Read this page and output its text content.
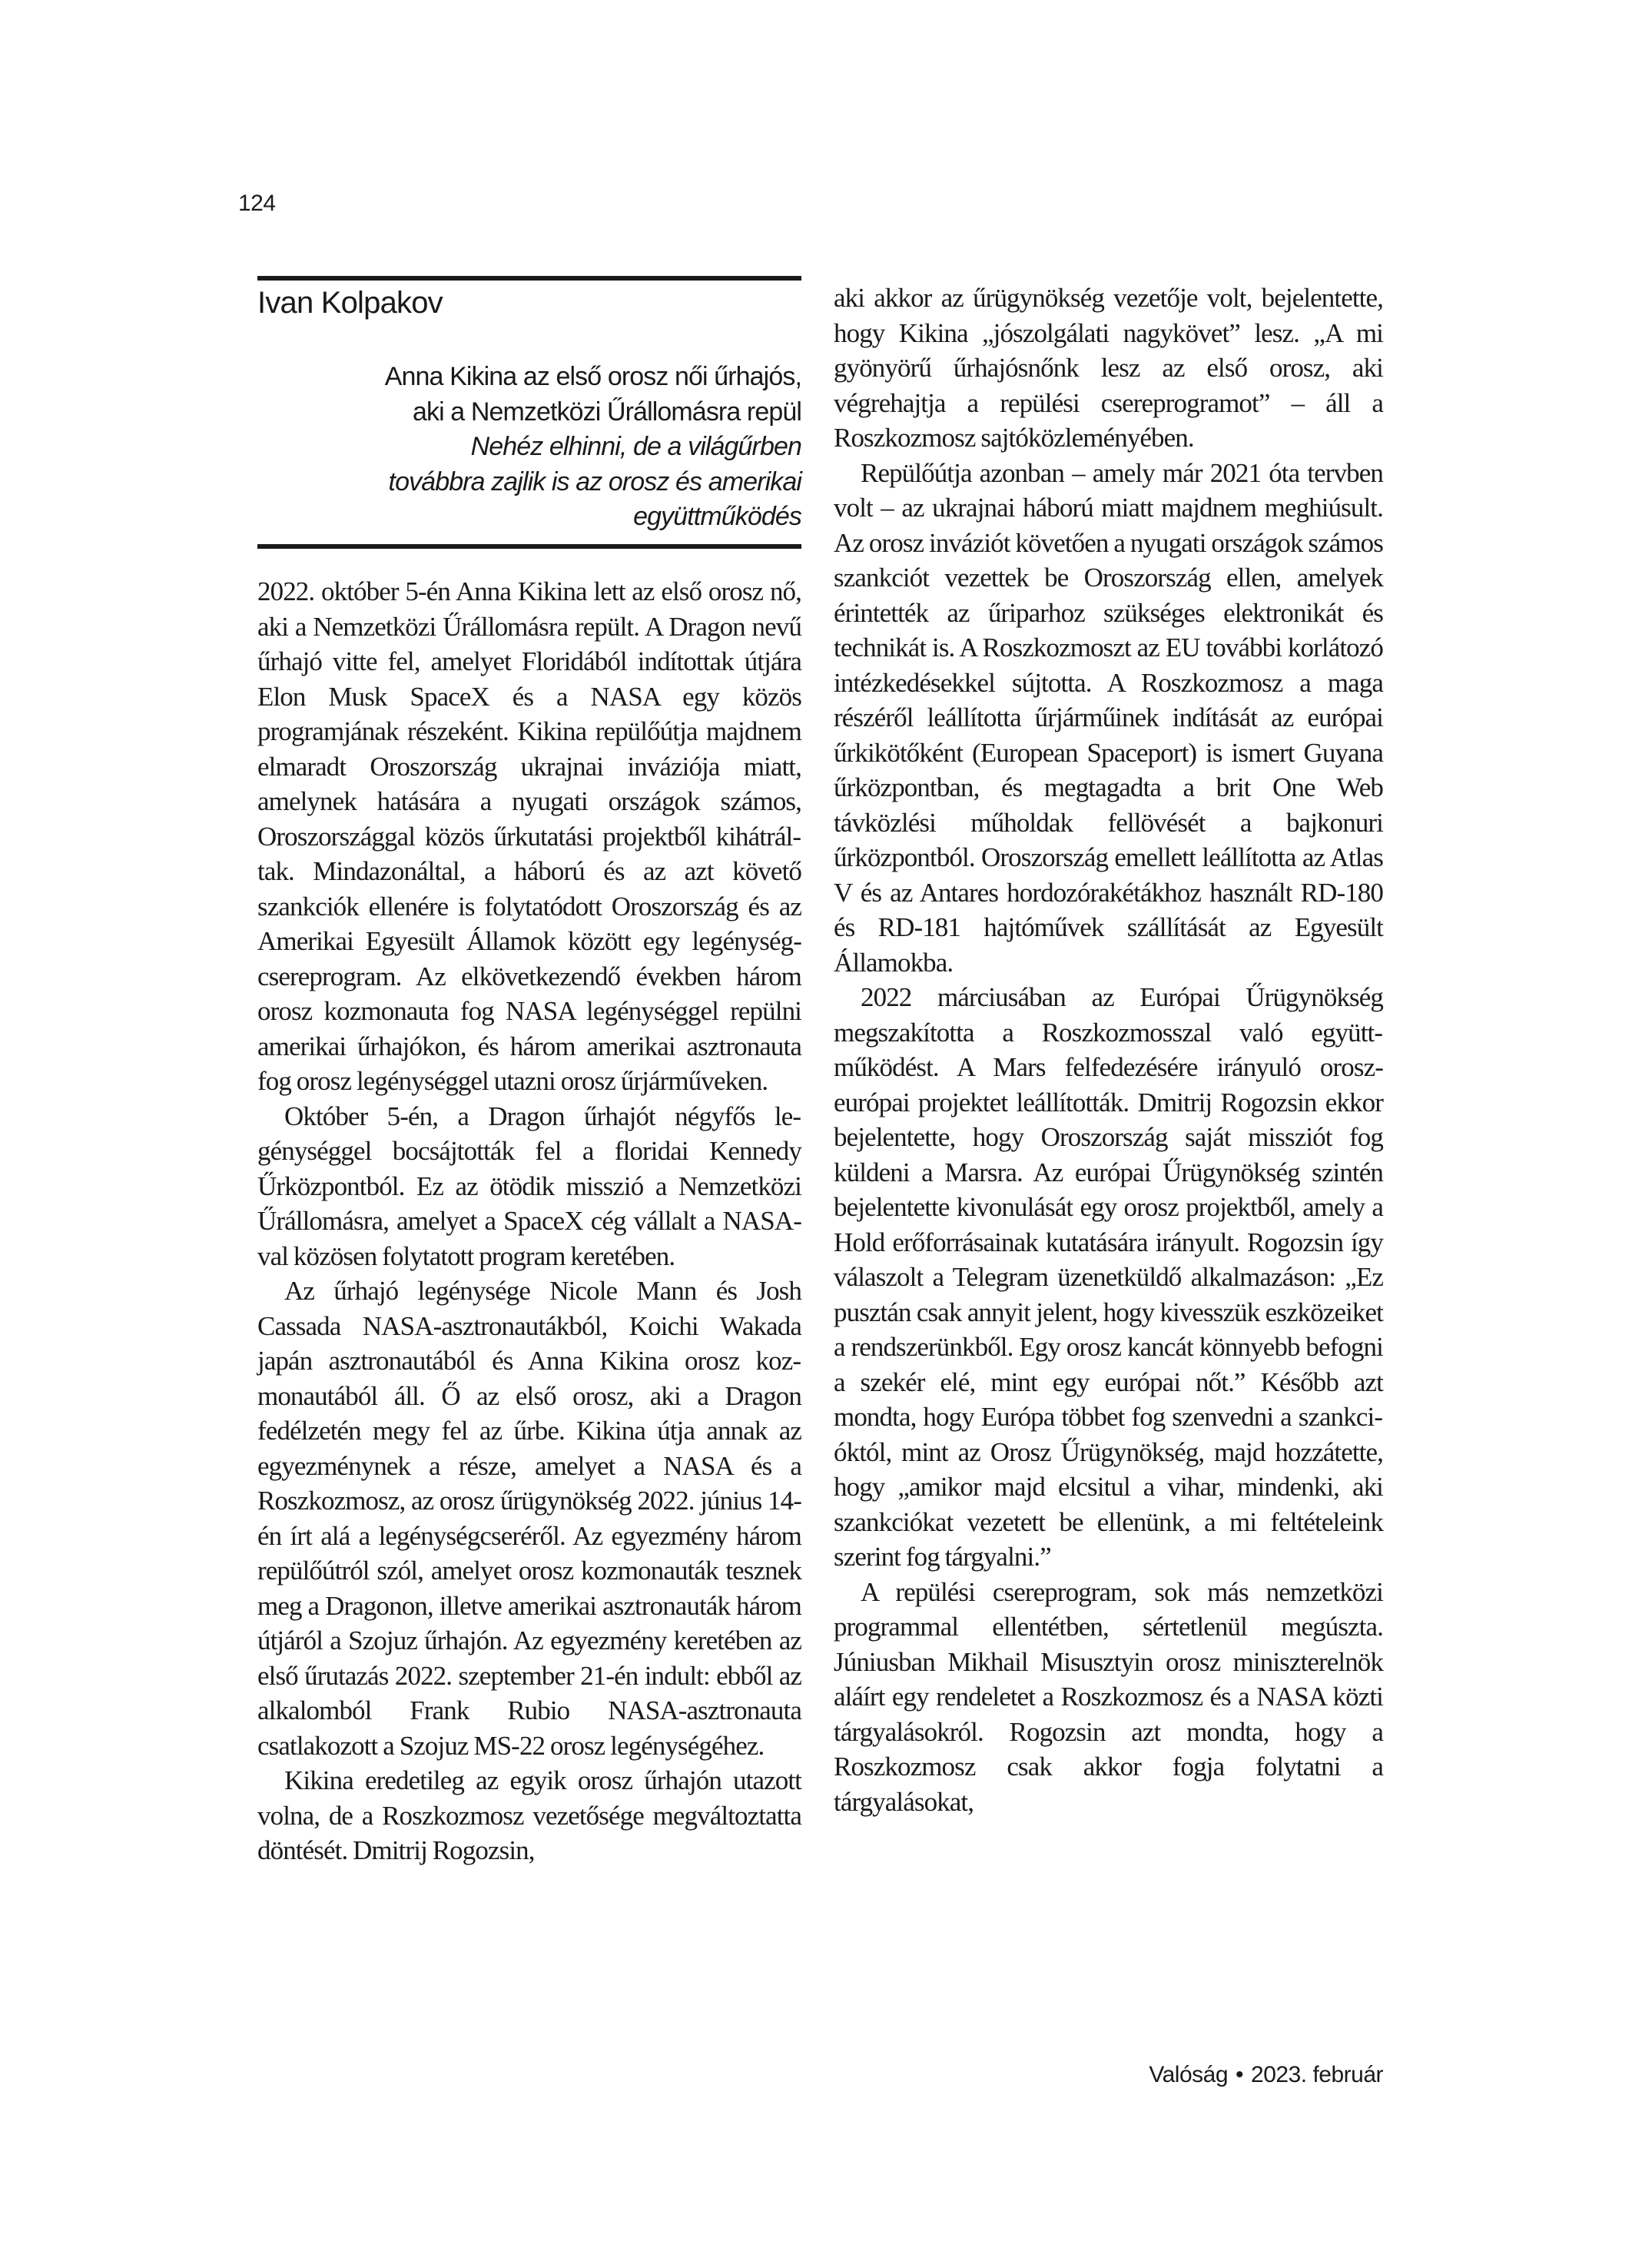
124
Ivan Kolpakov
Anna Kikina az első orosz női űrhajós,
aki a Nemzetközi Űrállomásra repül
Nehéz elhinni, de a világűrben
továbbra zajlik is az orosz és amerikai
együttműködés

2022. október 5-én Anna Kikina lett az első orosz nő, aki a Nemzetközi Űrállomásra repült. A Dragon nevű űrhajó vitte fel, amelyet Floridából indítottak útjára Elon Musk SpaceX és a NASA egy közös programjának részeként. Kikina repülőútja majdnem elmaradt Oroszország ukrajnai inváziója miatt, amelynek hatására a nyugati országok számos, Oroszországgal közös űrkutatási projektből kihátráltak. Mindazonáltal, a háború és az azt követő szankciók ellenére is folytatódott Oroszország és az Amerikai Egyesült Államok között egy legénység-csereprogram. Az elkövetkezendő években három orosz kozmonauta fog NASA legénységgel repülni amerikai űrhajókon, és három amerikai asztronauta fog orosz legénységgel utazni orosz űrjárműveken.

Október 5-én, a Dragon űrhajót négyfős legénységgel bocsájtották fel a floridai Kennedy Űrközpontból. Ez az ötödik misszió a Nemzetközi Űrállomásra, amelyet a SpaceX cég vállalt a NASA-val közösen folytatott program keretében.

Az űrhajó legénysége Nicole Mann és Josh Cassada NASA-asztronautákból, Koichi Wakada japán asztronautából és Anna Kikina orosz kozmonautából áll. Ő az első orosz, aki a Dragon fedélzetén megy fel az űrbe. Kikina útja annak az egyezménynek a része, amelyet a NASA és a Roszkozmosz, az orosz űrügynökség 2022. június 14-én írt alá a legénységcseréről. Az egyezmény három repülőútról szól, amelyet orosz kozmonauták tesznek meg a Dragonon, illetve amerikai asztronauták három útjáról a Szojuz űrhajón. Az egyezmény keretében az első űrutazás 2022. szeptember 21-én indult: ebből az alkalomból Frank Rubio NASA-asztronauta csatlakozott a Szojuz MS-22 orosz legénységéhez.

Kikina eredetileg az egyik orosz űrhajón utazott volna, de a Roszkozmosz vezetősége megváltoztatta döntését. Dmitrij Rogozsin,

aki akkor az űrügynökség vezetője volt, bejelentette, hogy Kikina „jószolgálati nagykövet” lesz. „A mi gyönyörű űrhajósnőnk lesz az első orosz, aki végrehajtja a repülési csereprogramot” – áll a Roszkozmosz sajtóközleményében.

Repülőútja azonban – amely már 2021 óta tervben volt – az ukrajnai háború miatt majdnem meghiúsult. Az orosz inváziót követően a nyugati országok számos szankciót vezettek be Oroszország ellen, amelyek érintették az űriparhoz szükséges elektronikát és technikát is. A Roszkozmoszt az EU további korlátozó intézkedésekkel sújtotta. A Roszkozmosz a maga részéről leállította űrjárműinek indítását az európai űrkikötőként (European Spaceport) is ismert Guyana űrközpontban, és megtagadta a brit One Web távközlési műholdak fellövését a bajkonuri űrközpontból. Oroszország emellett leállította az Atlas V és az Antares hordozórakétákhoz használt RD-180 és RD-181 hajtóművek szállítását az Egyesült Államokba.

2022 márciusában az Európai Űrügynökség megszakította a Roszkozmosszal való együttműködést. A Mars felfedezésére irányuló orosz-európai projektet leállították. Dmitrij Rogozsin ekkor bejelentette, hogy Oroszország saját missziót fog küldeni a Marsra. Az európai Űrügynökség szintén bejelentette kivonulását egy orosz projektből, amely a Hold erőforrásainak kutatására irányult. Rogozsin így válaszolt a Telegram üzenetküldő alkalmazáson: „Ez pusztán csak annyit jelent, hogy kivesszük eszközeiket a rendszerünkből. Egy orosz kancát könnyebb befogni a szekér elé, mint egy európai nőt.” Később azt mondta, hogy Európa többet fog szenvedni a szankcióktól, mint az Orosz Űrügynökség, majd hozzátette, hogy „amikor majd elcsitul a vihar, mindenki, aki szankciókat vezetett be ellenünk, a mi feltételeink szerint fog tárgyalni.”

A repülési csereprogram, sok más nemzetközi programmal ellentétben, sértetlenül megúszta. Júniusban Mikhail Misusztyin orosz miniszterelnök aláírt egy rendeletet a Roszkozmosz és a NASA közti tárgyalásokról. Rogozsin azt mondta, hogy a Roszkozmosz csak akkor fogja folytatni a tárgyalásokat,

Valóság • 2023. február
